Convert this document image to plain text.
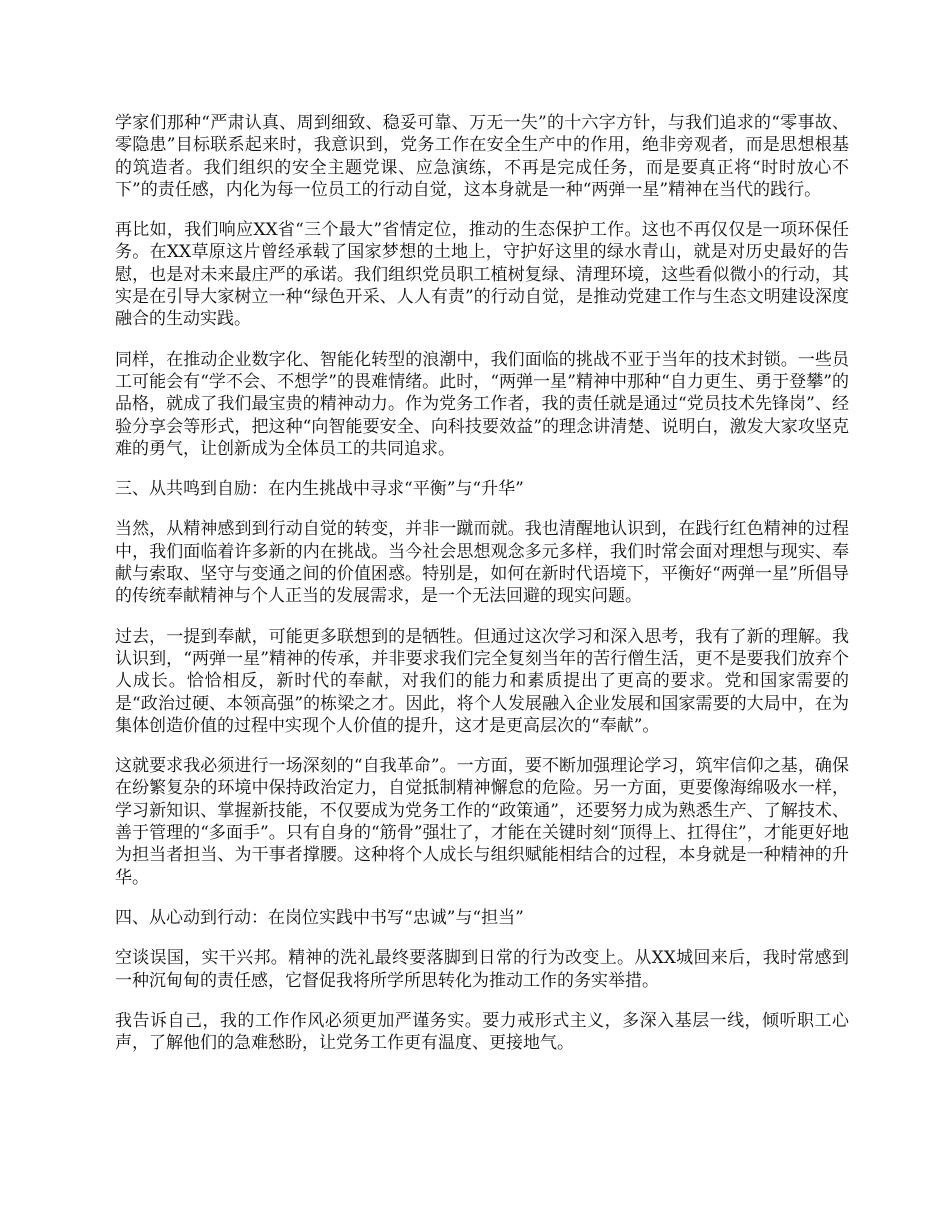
学家们那种“严肃认真、周到细致、稳妥可靠、万无一失”的十六字方针，与我们追求的“零事故、零隐患”目标联系起来时，我意识到，党务工作在安全生产中的作用，绝非旁观者，而是思想根基的筑造者。我们组织的安全主题党课、应急演练，不再是完成任务，而是要真正将“时时放心不下”的责任感，内化为每一位员工的行动自觉，这本身就是一种“两弹一星”精神在当代的践行。

再比如，我们响应XX省“三个最大”省情定位，推动的生态保护工作。这也不再仅仅是一项环保任务。在XX草原这片曾经承载了国家梦想的土地上，守护好这里的绿水青山，就是对历史最好的告慰，也是对未来最庄严的承诺。我们组织党员职工植树复绿、清理环境，这些看似微小的行动，其实是在引导大家树立一种“绿色开采、人人有责”的行动自觉，是推动党建工作与生态文明建设深度融合的生动实践。

同样，在推动企业数字化、智能化转型的浪潮中，我们面临的挑战不亚于当年的技术封锁。一些员工可能会有“学不会、不想学”的畏难情绪。此时，“两弹一星”精神中那种“自力更生、勇于登攀”的品格，就成了我们最宝贵的精神动力。作为党务工作者，我的责任就是通过“党员技术先锋岗”、经验分享会等形式，把这种“向智能要安全、向科技要效益”的理念讲清楚、说明白，激发大家攻坚克难的勇气，让创新成为全体员工的共同追求。

三、从共鸣到自励：在内生挑战中寻求“平衡”与“升华”

当然，从精神感到到行动自觉的转变，并非一蹴而就。我也清醒地认识到，在践行红色精神的过程中，我们面临着许多新的内在挑战。当今社会思想观念多元多样，我们时常会面对理想与现实、奉献与索取、坚守与变通之间的价值困惑。特别是，如何在新时代语境下，平衡好“两弹一星”所倡导的传统奉献精神与个人正当的发展需求，是一个无法回避的现实问题。

过去，一提到奉献，可能更多联想到的是牺牲。但通过这次学习和深入思考，我有了新的理解。我认识到，“两弹一星”精神的传承，并非要求我们完全复刻当年的苦行僧生活，更不是要我们放弃个人成长。恰恰相反，新时代的奉献，对我们的能力和素质提出了更高的要求。党和国家需要的是“政治过硬、本领高强”的栋梁之才。因此，将个人发展融入企业发展和国家需要的大局中，在为集体创造价值的过程中实现个人价值的提升，这才是更高层次的“奉献”。

这就要求我必须进行一场深刻的“自我革命”。一方面，要不断加强理论学习，筑牢信仰之基，确保在纷繁复杂的环境中保持政治定力，自觉抵制精神懈怠的危险。另一方面，更要像海绵吸水一样，学习新知识、掌握新技能，不仅要成为党务工作的“政策通”，还要努力成为熟悉生产、了解技术、善于管理的“多面手”。只有自身的“筋骨”强壮了，才能在关键时刻“顶得上、扛得住”，才能更好地为担当者担当、为干事者撑腰。这种将个人成长与组织赋能相结合的过程，本身就是一种精神的升华。

四、从心动到行动：在岗位实践中书写“忠诚”与“担当”

空谈误国，实干兴邦。精神的洗礼最终要落脚到日常的行为改变上。从XX城回来后，我时常感到一种沉甸甸的责任感，它督促我将所学所思转化为推动工作的务实举措。

我告诉自己，我的工作作风必须更加严谨务实。要力戒形式主义，多深入基层一线，倾听职工心声，了解他们的急难愁盼，让党务工作更有温度、更接地气。
